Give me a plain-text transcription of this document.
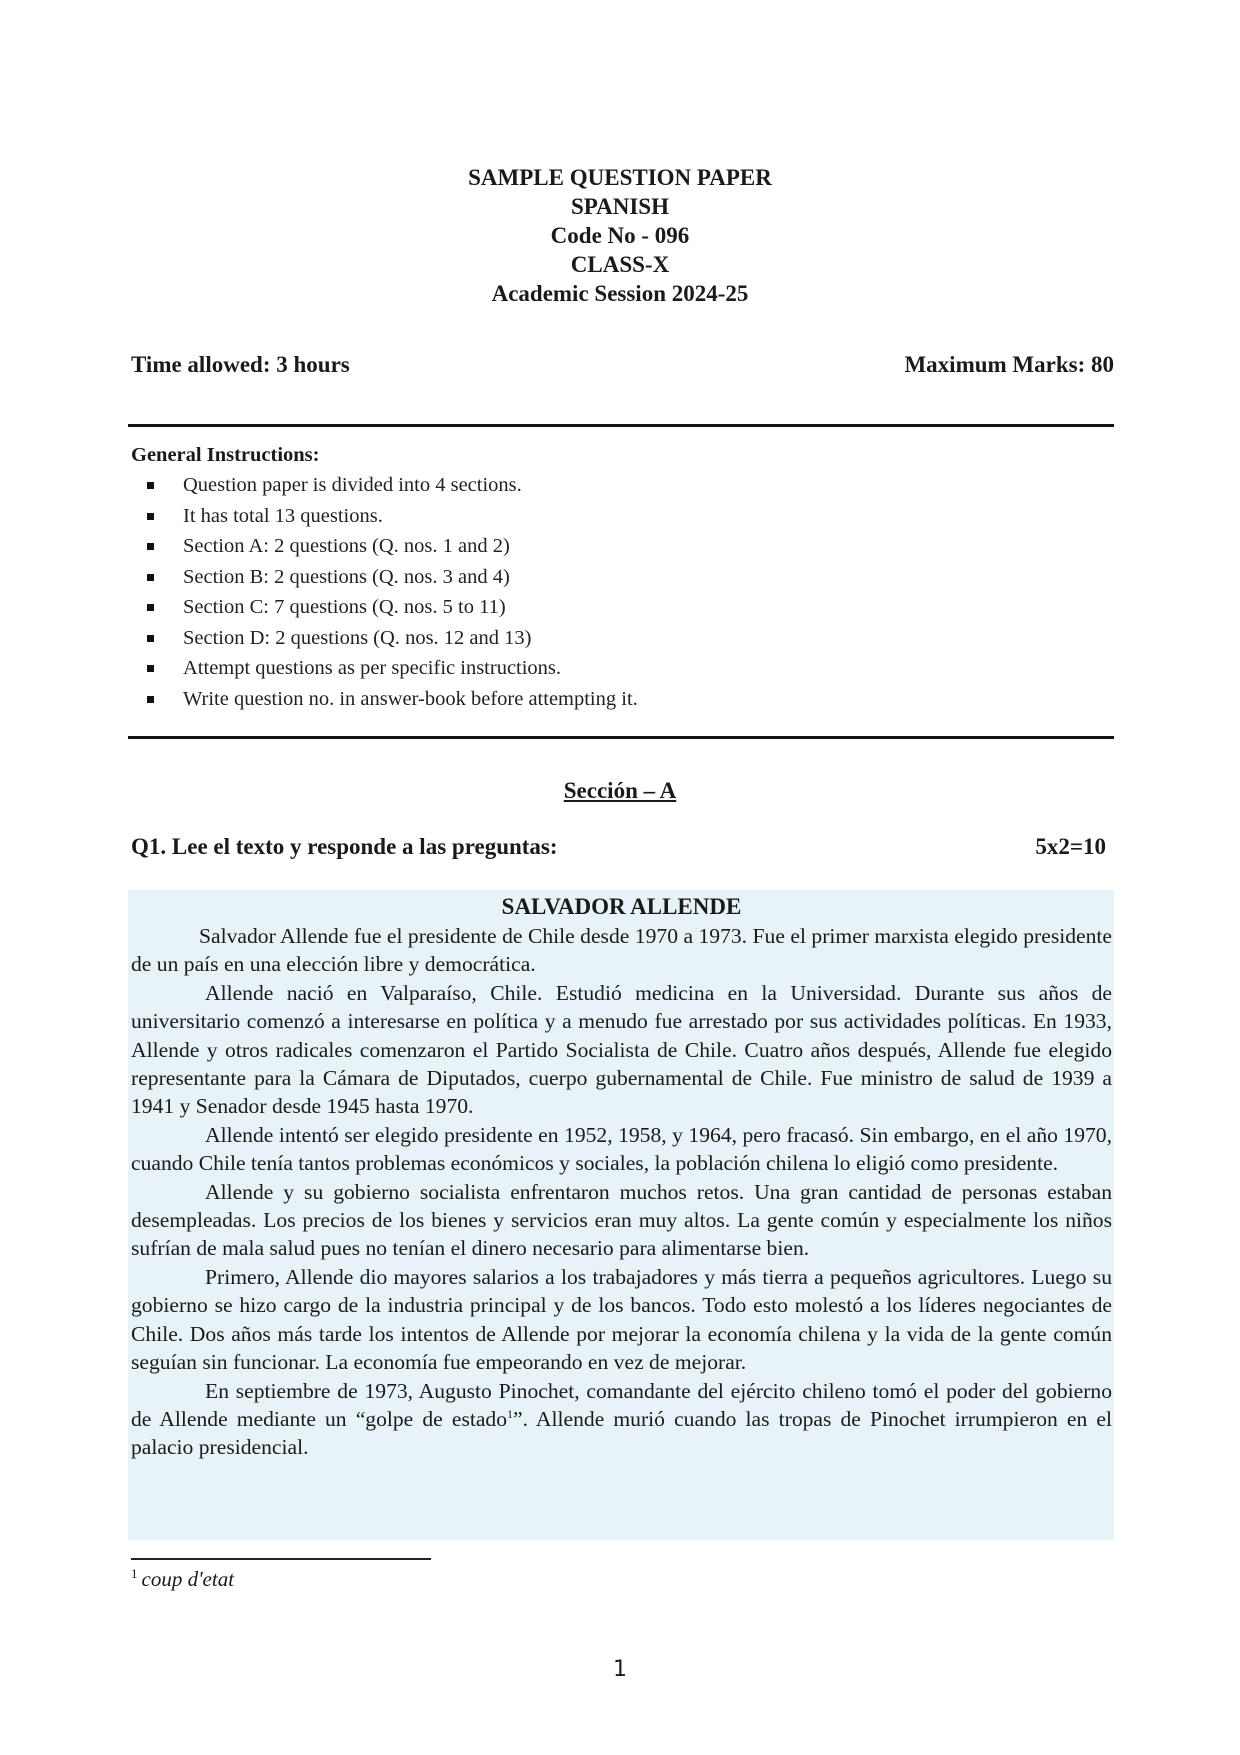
SAMPLE QUESTION PAPER
SPANISH
Code No - 096
CLASS-X
Academic Session 2024-25
Time allowed: 3 hours	Maximum Marks: 80
General Instructions:
Question paper is divided into 4 sections.
It has total 13 questions.
Section A: 2 questions (Q. nos. 1 and 2)
Section B: 2 questions (Q. nos. 3 and 4)
Section C: 7 questions (Q. nos. 5 to 11)
Section D: 2 questions (Q. nos. 12 and 13)
Attempt questions as per specific instructions.
Write question no. in answer-book before attempting it.
Sección – A
Q1. Lee el texto y responde a las preguntas:	5x2=10
SALVADOR ALLENDE

Salvador Allende fue el presidente de Chile desde 1970 a 1973. Fue el primer marxista elegido presidente de un país en una elección libre y democrática.

Allende nació en Valparaíso, Chile. Estudió medicina en la Universidad. Durante sus años de universitario comenzó a interesarse en política y a menudo fue arrestado por sus actividades políticas. En 1933, Allende y otros radicales comenzaron el Partido Socialista de Chile. Cuatro años después, Allende fue elegido representante para la Cámara de Diputados, cuerpo gubernamental de Chile. Fue ministro de salud de 1939 a 1941 y Senador desde 1945 hasta 1970.

Allende intentó ser elegido presidente en 1952, 1958, y 1964, pero fracasó. Sin embargo, en el año 1970, cuando Chile tenía tantos problemas económicos y sociales, la población chilena lo eligió como presidente.

Allende y su gobierno socialista enfrentaron muchos retos. Una gran cantidad de personas estaban desempleadas. Los precios de los bienes y servicios eran muy altos. La gente común y especialmente los niños sufrían de mala salud pues no tenían el dinero necesario para alimentarse bien.

Primero, Allende dio mayores salarios a los trabajadores y más tierra a pequeños agricultores. Luego su gobierno se hizo cargo de la industria principal y de los bancos. Todo esto molestó a los líderes negociantes de Chile. Dos años más tarde los intentos de Allende por mejorar la economía chilena y la vida de la gente común seguían sin funcionar. La economía fue empeorando en vez de mejorar.

En septiembre de 1973, Augusto Pinochet, comandante del ejército chileno tomó el poder del gobierno de Allende mediante un “golpe de estado$^1$”. Allende murió cuando las tropas de Pinochet irrumpieron en el palacio presidencial.

$^1$ coup d'etat
1
